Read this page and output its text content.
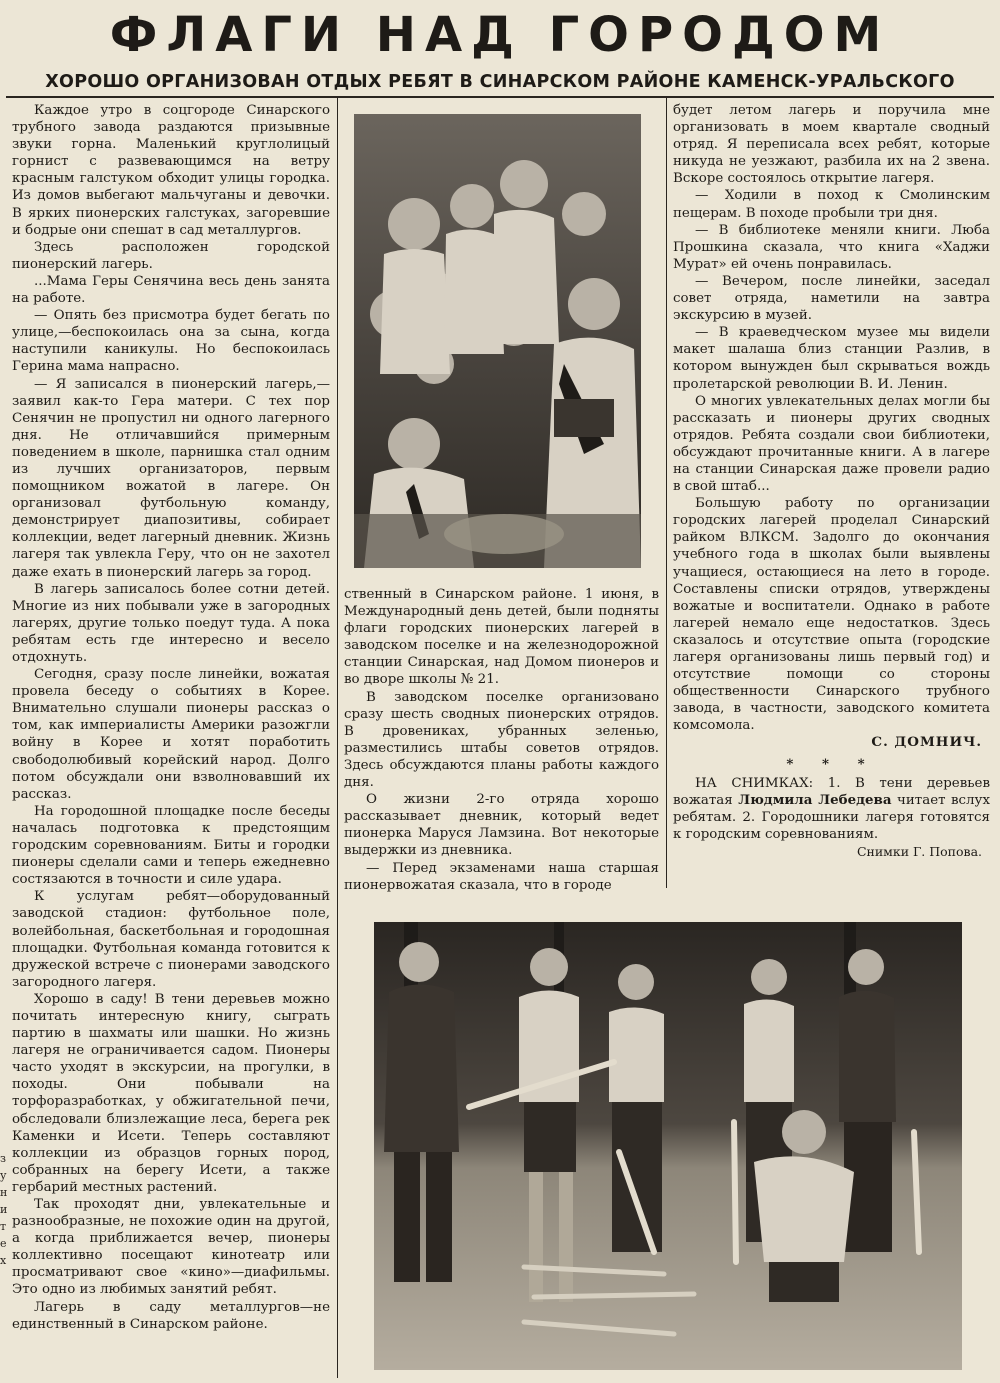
ФЛАГИ НАД ГОРОДОМ
ХОРОШО ОРГАНИЗОВАН ОТДЫХ РЕБЯТ В СИНАРСКОМ РАЙОНЕ КАМЕНСК-УРАЛЬСКОГО
з
у
н
и
т
е
х

Каждое утро в соцгороде Синарского трубного завода раздаются призывные звуки горна. Маленький круглолицый горнист с развевающимся на ветру красным галстуком обходит улицы городка. Из домов выбегают мальчуганы и девочки. В ярких пионерских галстуках, загоревшие и бодрые они спешат в сад металлургов.

Здесь расположен городской пионерский лагерь.

...Мама Геры Сенячина весь день занята на работе.

— Опять без присмотра будет бегать по улице,—беспокоилась она за сына, когда наступили каникулы. Но беспокоилась Герина мама напрасно.

— Я записался в пионерский лагерь,—заявил как-то Гера матери. С тех пор Сенячин не пропустил ни одного лагерного дня. Не отличавшийся примерным поведением в школе, парнишка стал одним из лучших организаторов, первым помощником вожатой в лагере. Он организовал футбольную команду, демонстрирует диапозитивы, собирает коллекции, ведет лагерный дневник. Жизнь лагеря так увлекла Геру, что он не захотел даже ехать в пионерский лагерь за город.

В лагерь записалось более сотни детей. Многие из них побывали уже в загородных лагерях, другие только поедут туда. А пока ребятам есть где интересно и весело отдохнуть.

Сегодня, сразу после линейки, вожатая провела беседу о событиях в Корее. Внимательно слушали пионеры рассказ о том, как империалисты Америки разожгли войну в Корее и хотят поработить свободолюбивый корейский народ. Долго потом обсуждали они взволновавший их рассказ.

На городошной площадке после беседы началась подготовка к предстоящим городским соревнованиям. Биты и городки пионеры сделали сами и теперь ежедневно состязаются в точности и силе удара.

К услугам ребят—оборудованный заводской стадион: футбольное поле, волейбольная, баскетбольная и городошная площадки. Футбольная команда готовится к дружеской встрече с пионерами заводского загородного лагеря.

Хорошо в саду! В тени деревьев можно почитать интересную книгу, сыграть партию в шахматы или шашки. Но жизнь лагеря не ограничивается садом. Пионеры часто уходят в экскурсии, на прогулки, в походы. Они побывали на торфоразработках, у обжигательной печи, обследовали близлежащие леса, берега рек Каменки и Исети. Теперь составляют коллекции из образцов горных пород, собранных на берегу Исети, а также гербарий местных растений.

Так проходят дни, увлекательные и разнообразные, не похожие один на другой, а когда приближается вечер, пионеры коллективно посещают кинотеатр или просматривают свое «кино»—диафильмы. Это одно из любимых занятий ребят.

Лагерь в саду металлургов—не единственный в Синарском районе.

ственный в Синарском районе. 1 июня, в Международный день детей, были подняты флаги городских пионерских лагерей в заводском поселке и на железнодорожной станции Синарская, над Домом пионеров и во дворе школы № 21.

В заводском поселке организовано сразу шесть сводных пионерских отрядов. В дровениках, убранных зеленью, разместились штабы советов отрядов. Здесь обсуждаются планы работы каждого дня.

О жизни 2-го отряда хорошо рассказывает дневник, который ведет пионерка Маруся Ламзина. Вот некоторые выдержки из дневника.

— Перед экзаменами наша старшая пионервожатая сказала, что в городе

будет летом лагерь и поручила мне организовать в моем квартале сводный отряд. Я переписала всех ребят, которые никуда не уезжают, разбила их на 2 звена. Вскоре состоялось открытие лагеря.

— Ходили в поход к Смолинским пещерам. В походе пробыли три дня.

— В библиотеке меняли книги. Люба Прошкина сказала, что книга «Хаджи Мурат» ей очень понравилась.

— Вечером, после линейки, заседал совет отряда, наметили на завтра экскурсию в музей.

— В краеведческом музее мы видели макет шалаша близ станции Разлив, в котором вынужден был скрываться вождь пролетарской революции В. И. Ленин.

О многих увлекательных делах могли бы рассказать и пионеры других сводных отрядов. Ребята создали свои библиотеки, обсуждают прочитанные книги. А в лагере на станции Синарская даже провели радио в свой штаб...

Большую работу по организации городских лагерей проделал Синарский райком ВЛКСМ. Задолго до окончания учебного года в школах были выявлены учащиеся, остающиеся на лето в городе. Составлены списки отрядов, утверждены вожатые и воспитатели. Однако в работе лагерей немало еще недостатков. Здесь сказалось и отсутствие опыта (городские лагеря организованы лишь первый год) и отсутствие помощи со стороны общественности Синарского трубного завода, в частности, заводского комитета комсомола.

С. ДОМНИЧ.

* * *

НА СНИМКАХ: 1. В тени деревьев вожатая Людмила Лебедева читает вслух ребятам. 2. Городошники лагеря готовятся к городским соревнованиям.

Снимки Г. Попова.
